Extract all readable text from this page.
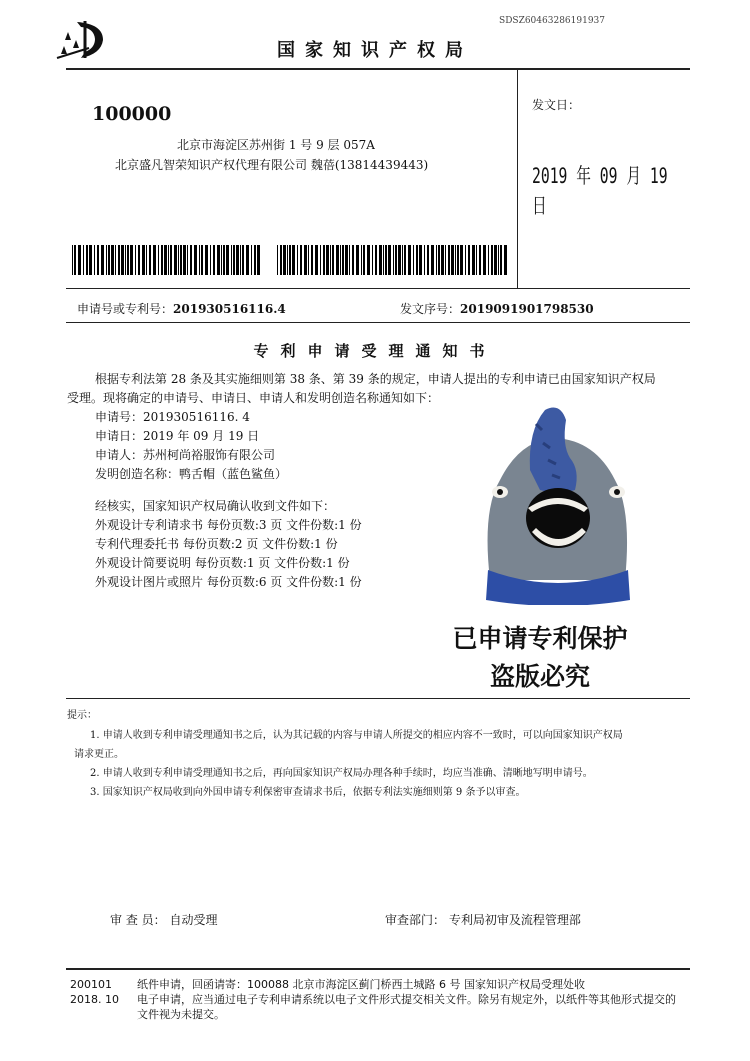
SDSZ60463286191937
国家知识产权局
100000
北京市海淀区苏州街 1 号 9 层 057A
北京盛凡智荣知识产权代理有限公司 魏蓓(13814439443)
发文日：
2019 年 09 月 19 日
申请号或专利号：201930516116.4	发文序号：2019091901798530
专利申请受理通知书

根据专利法第 28 条及其实施细则第 38 条、第 39 条的规定，申请人提出的专利申请已由国家知识产权局

受理。现将确定的申请号、申请日、申请人和发明创造名称通知如下：

申请号：201930516116. 4

申请日：2019 年 09 月 19 日

申请人：苏州柯尚裕服饰有限公司

发明创造名称：鸭舌帽（蓝色鲨鱼）

经核实，国家知识产权局确认收到文件如下：

外观设计专利请求书 每份页数:3 页 文件份数:1 份

专利代理委托书 每份页数:2 页 文件份数:1 份

外观设计简要说明 每份页数:1 页 文件份数:1 份

外观设计图片或照片 每份页数:6 页 文件份数:1 份

已申请专利保护
盗版必究
提示：

1. 申请人收到专利申请受理通知书之后，认为其记载的内容与申请人所提交的相应内容不一致时，可以向国家知识产权局

请求更正。

2. 申请人收到专利申请受理通知书之后，再向国家知识产权局办理各种手续时，均应当准确、清晰地写明申请号。

3. 国家知识产权局收到向外国申请专利保密审查请求书后，依据专利法实施细则第 9 条予以审查。

审 查 员： 自动受理	审查部门： 专利局初审及流程管理部
200101
2018. 10
纸件申请，回函请寄：100088 北京市海淀区蓟门桥西土城路 6 号 国家知识产权局受理处收
电子申请，应当通过电子专利申请系统以电子文件形式提交相关文件。除另有规定外，以纸件等其他形式提交的
文件视为未提交。
